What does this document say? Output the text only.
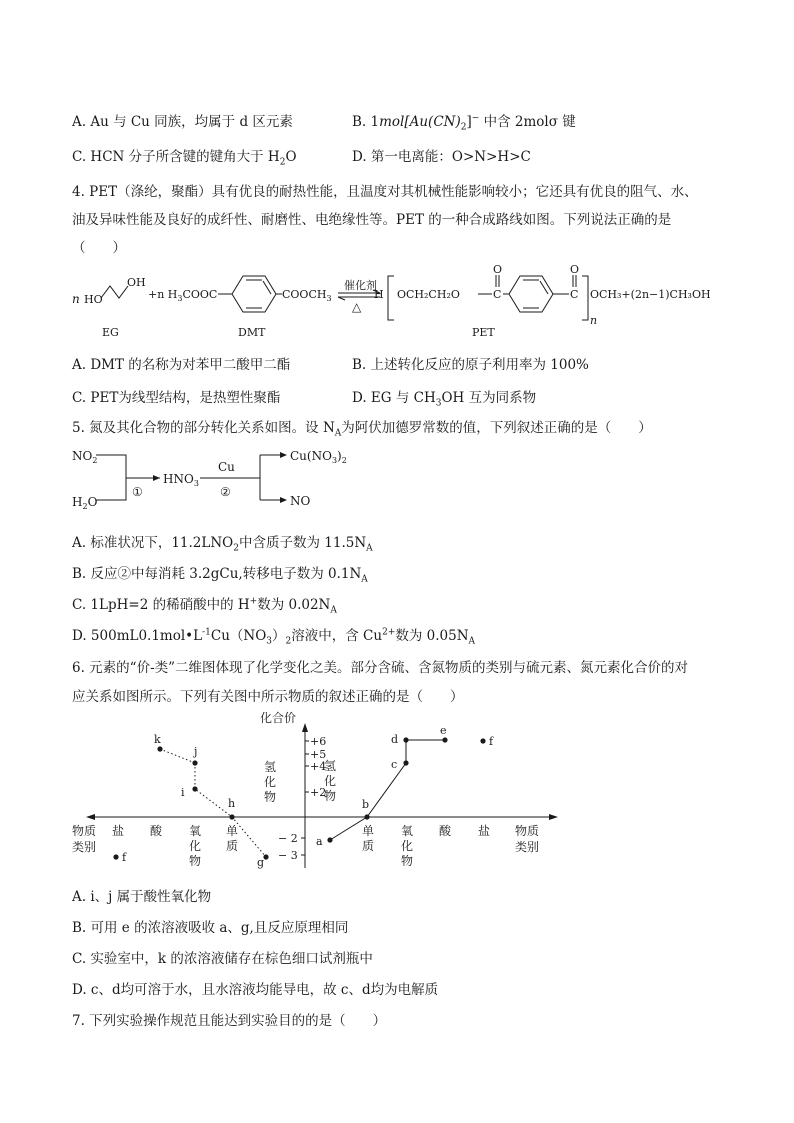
A. Au 与 Cu 同族，均属于 d 区元素	B. $1mol[Au(CN)_2]^-$ 中含 2molσ 键
C. HCN 分子所含键的键角大于 $H_2O$	D. 第一电离能：O>N>H>C
4. PET（涤纶，聚酯）具有优良的耐热性能，且温度对其机械性能影响较小；它还具有优良的阻气、水、
油及异味性能及良好的成纤性、耐磨性、电绝缘性等。PET 的一种合成路线如图。下列说法正确的是
（　　）
n HO
OH
EG
+n $H_3COOC$	$COOCH_3$
DMT
催化剂
△
H OCH₂CH₂O
O
C
O
C
n
OCH₃+(2n−1)CH₃OH
PET
A. DMT 的名称为对苯甲二酸甲二酯	B. 上述转化反应的原子利用率为 100%
C. PET为线型结构，是热塑性聚酯	D. EG 与 $CH_3OH$ 互为同系物
5. 氮及其化合物的部分转化关系如图。设 $N_A$为阿伏加德罗常数的值，下列叙述正确的是（　　）
$NO_2$
$H_2O$
①
$HNO_3$
Cu
②
$Cu(NO_3)_2$
NO
A. 标准状况下，$11.2LNO_2$中含质子数为 $11.5N_A$
B. 反应②中每消耗 3.2gCu,转移电子数为 $0.1N_A$
C. 1LpH=2 的稀硝酸中的 H+数为 $0.02N_A$
D. $500mL0.1mol•L^{-1}Cu(NO_3)_2$溶液中，含 $Cu^{2+}$数为 $0.05N_A$
6. 元素的“价-类”二维图体现了化学变化之美。部分含硫、含氮物质的类别与硫元素、氮元素化合价的对
应关系如图所示。下列有关图中所示物质的叙述正确的是（　　）
化合价
+6
+5
+4
+2
− 2
− 3
氢
化
物
氢
化
物
物质
类别
盐 酸 氧
化
物
单
质
单
质
氧
化
物
酸 盐 物质
类别
k
j
i
h
g
f
a
b
c
d
e
f
A. i、j 属于酸性氧化物
B. 可用 e 的浓溶液吸收 a、g,且反应原理相同
C. 实验室中，k 的浓溶液储存在棕色细口试剂瓶中
D. c、d均可溶于水，且水溶液均能导电，故 c、d均为电解质
7. 下列实验操作规范且能达到实验目的的是（　　）
